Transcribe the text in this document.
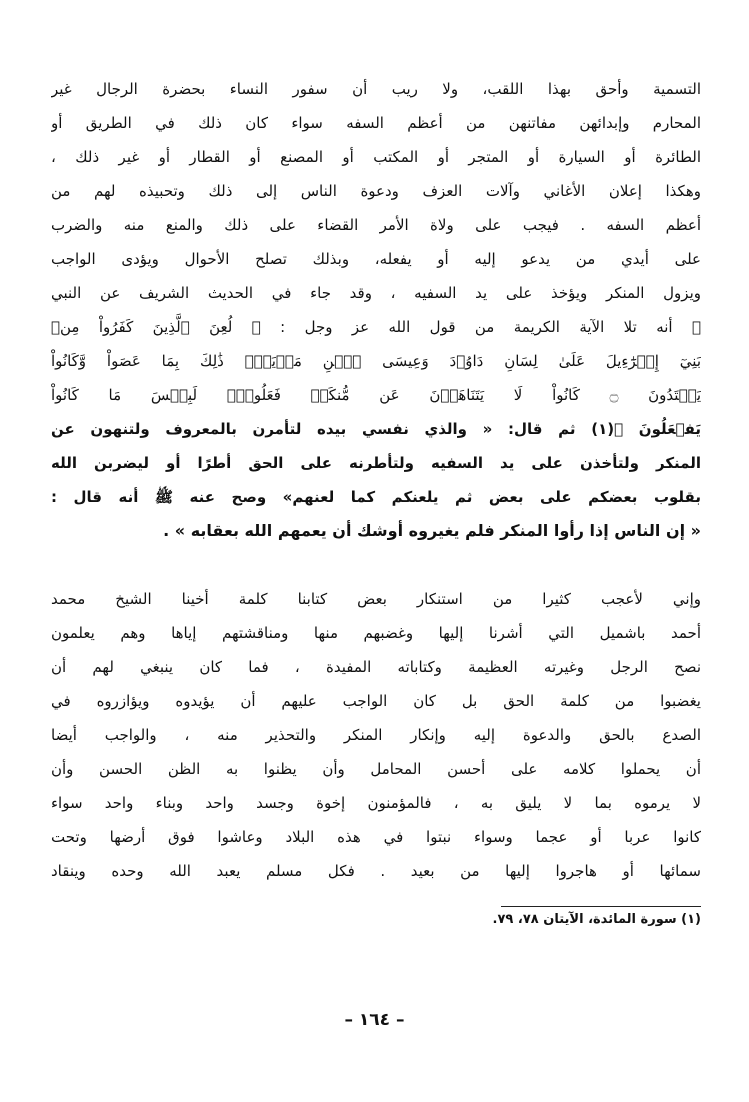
التسمية وأحق بهذا اللقب، ولا ريب أن سفور النساء بحضرة الرجال غير
المحارم وإبدائهن مفاتنهن من أعظم السفه سواء كان ذلك في الطريق أو
الطائرة أو السيارة أو المتجر أو المكتب أو المصنع أو القطار أو غير ذلك ،
وهكذا إعلان الأغاني وآلات العزف ودعوة الناس إلى ذلك وتحبيذه لهم من
أعظم السفه . فيجب على ولاة الأمر القضاء على ذلك والمنع منه والضرب
على أيدي من يدعو إليه أو يفعله، وبذلك تصلح الأحوال ويؤدى الواجب
ويزول المنكر ويؤخذ على يد السفيه ، وقد جاء في الحديث الشريف عن النبي
ﷺ أنه تلا الآية الكريمة من قول الله عز وجل : ﴿ لُعِنَ ٱلَّذِينَ كَفَرُواْ مِنۢ
بَنِيٓ إِسۡرَٰٓءِيلَ عَلَىٰ لِسَانِ دَاوُۥدَ وَعِيسَى ٱبۡنِ مَرۡيَمَۚ ذَٰلِكَ بِمَا عَصَواْ وَّكَانُواْ
يَعۡتَدُونَ ۝ كَانُواْ لَا يَتَنَاهَوۡنَ عَن مُّنكَرٖ فَعَلُوهُۚ لَبِئۡسَ مَا كَانُواْ
يَفۡعَلُونَ ﴾(١) ثم قال: « والذي نفسي بيده لتأمرن بالمعروف ولتنهون عن
المنكر ولتأخذن على يد السفيه ولتأطرنه على الحق أطرًا أو ليضربن الله
بقلوب بعضكم على بعض ثم يلعنكم كما لعنهم» وصح عنه ﷺ أنه قال :
« إن الناس إذا رأوا المنكر فلم يغيروه أوشك أن يعمهم الله بعقابه » .
وإني لأعجب كثيرا من استنكار بعض كتابنا كلمة أخينا الشيخ محمد
أحمد باشميل التي أشرنا إليها وغضبهم منها ومناقشتهم إياها وهم يعلمون
نصح الرجل وغيرته العظيمة وكتاباته المفيدة ، فما كان ينبغي لهم أن
يغضبوا من كلمة الحق بل كان الواجب عليهم أن يؤيدوه ويؤازروه في
الصدع بالحق والدعوة إليه وإنكار المنكر والتحذير منه ، والواجب أيضا
أن يحملوا كلامه على أحسن المحامل وأن يظنوا به الظن الحسن وأن
لا يرموه بما لا يليق به ، فالمؤمنون إخوة وجسد واحد وبناء واحد سواء
كانوا عربا أو عجما وسواء نبتوا في هذه البلاد وعاشوا فوق أرضها وتحت
سمائها أو هاجروا إليها من بعيد . فكل مسلم يعبد الله وحده وينقاد
(١) سورة المائدة، الآيتان ٧٨، ٧٩.
– ١٦٤ –
